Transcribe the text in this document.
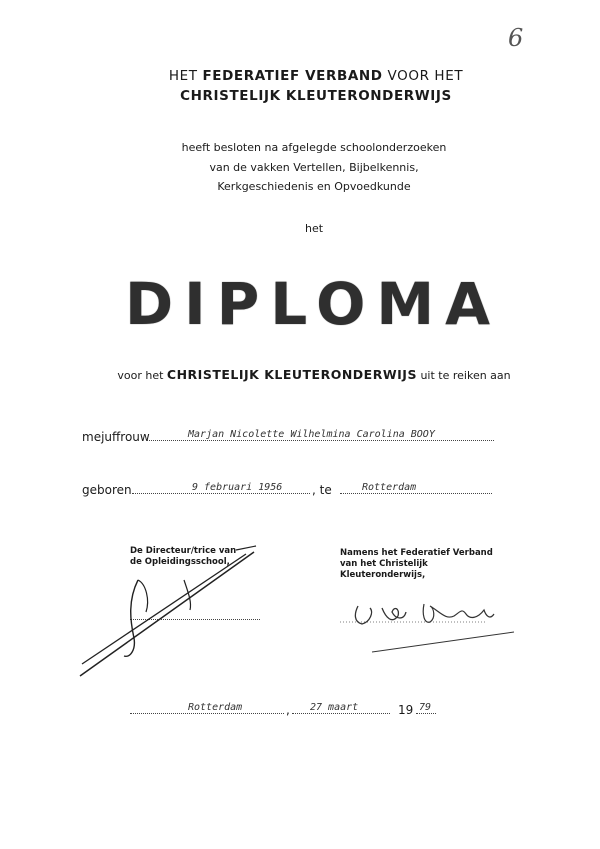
6
HET FEDERATIEF VERBAND VOOR HET
CHRISTELIJK KLEUTERONDERWIJS
heeft besloten na afgelegde schoolonderzoeken
van de vakken Vertellen, Bijbelkennis,
Kerkgeschiedenis en Opvoedkunde
het
DIPLOMA
voor het CHRISTELIJK KLEUTERONDERWIJS uit te reiken aan
mejuffrouw	Marjan Nicolette Wilhelmina Carolina BOOY
geboren	9 februari 1956 , te	Rotterdam
De Directeur/trice van
de Opleidingsschool,
Namens het Federatief Verband
van het Christelijk
Kleuteronderwijs,
Rotterdam	, 27 maart	19 79
